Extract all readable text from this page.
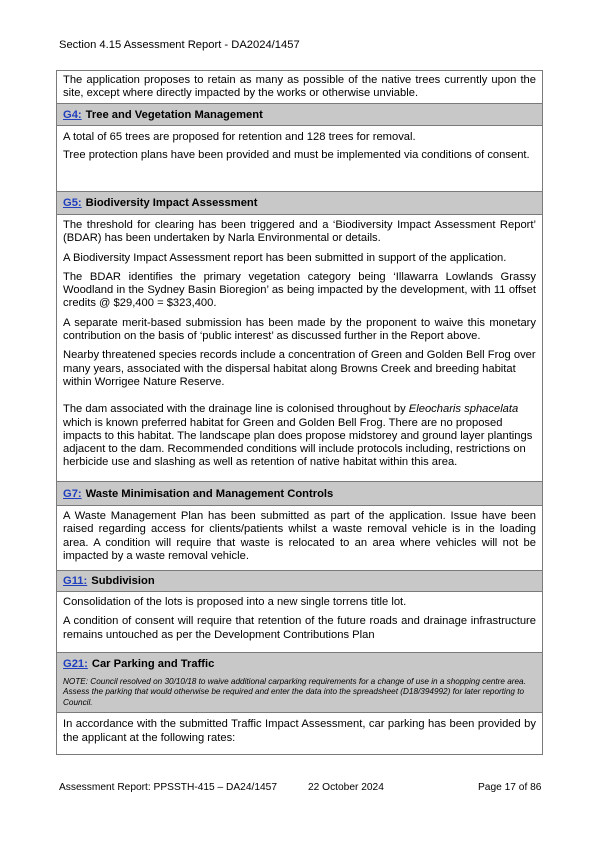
Section 4.15 Assessment Report - DA2024/1457

The application proposes to retain as many as possible of the native trees currently upon the site, except where directly impacted by the works or otherwise unviable.

G4: Tree and Vegetation Management

A total of 65 trees are proposed for retention and 128 trees for removal.

Tree protection plans have been provided and must be implemented via conditions of consent.

G5: Biodiversity Impact Assessment

The threshold for clearing has been triggered and a ‘Biodiversity Impact Assessment Report’ (BDAR) has been undertaken by Narla Environmental or details.

A Biodiversity Impact Assessment report has been submitted in support of the application.

The BDAR identifies the primary vegetation category being ‘Illawarra Lowlands Grassy Woodland in the Sydney Basin Bioregion’ as being impacted by the development, with 11 offset credits @ $29,400 = $323,400.

A separate merit-based submission has been made by the proponent to waive this monetary contribution on the basis of ‘public interest’ as discussed further in the Report above.

Nearby threatened species records include a concentration of Green and Golden Bell Frog over many years, associated with the dispersal habitat along Browns Creek and breeding habitat within Worrigee Nature Reserve.

The dam associated with the drainage line is colonised throughout by Eleocharis sphacelata which is known preferred habitat for Green and Golden Bell Frog. There are no proposed impacts to this habitat. The landscape plan does propose midstorey and ground layer plantings adjacent to the dam. Recommended conditions will include protocols including, restrictions on herbicide use and slashing as well as retention of native habitat within this area.

G7: Waste Minimisation and Management Controls

A Waste Management Plan has been submitted as part of the application. Issue have been raised regarding access for clients/patients whilst a waste removal vehicle is in the loading area. A condition will require that waste is relocated to an area where vehicles will not be impacted by a waste removal vehicle.

G11: Subdivision

Consolidation of the lots is proposed into a new single torrens title lot.

A condition of consent will require that retention of the future roads and drainage infrastructure remains untouched as per the Development Contributions Plan

G21: Car Parking and Traffic
NOTE: Council resolved on 30/10/18 to waive additional carparking requirements for a change of use in a shopping centre area. Assess the parking that would otherwise be required and enter the data into the spreadsheet (D18/394992) for later reporting to Council.

In accordance with the submitted Traffic Impact Assessment, car parking has been provided by the applicant at the following rates:

Assessment Report: PPSSTH-415 – DA24/1457	22 October 2024	Page 17 of 86
